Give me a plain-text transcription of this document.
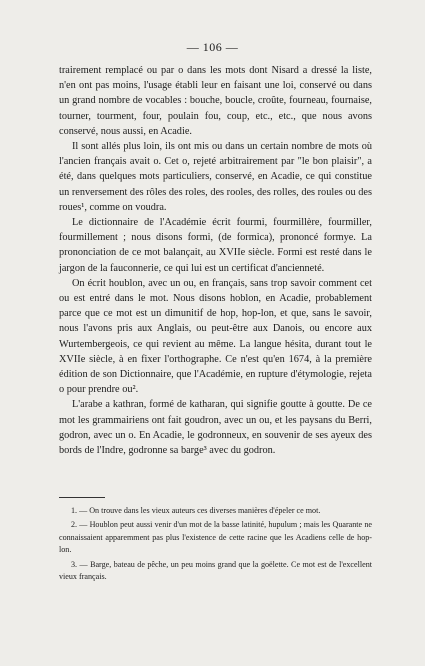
— 106 —

trairement remplacé ou par o dans les mots dont Nisard a dressé la liste, n'en ont pas moins, l'usage établi leur en faisant une loi, conservé ou dans un grand nombre de vocables : bouche, boucle, croûte, fourneau, fournaise, tourner, tourment, four, poulain fou, coup, etc., etc., que nous avons conservé, nous aussi, en Acadie.

Il sont allés plus loin, ils ont mis ou dans un certain nombre de mots où l'ancien français avait o. Cet o, rejeté arbitrairement par "le bon plaisir", a été, dans quelques mots particuliers, conservé, en Acadie, ce qui constitue un renversement des rôles des roles, des rooles, des rolles, des roules ou des roues¹, comme on voudra.

Le dictionnaire de l'Académie écrit fourmi, fourmillère, fourmiller, fourmillement ; nous disons formi, (de formica), prononcé formye. La prononciation de ce mot balançait, au XVIIe siècle. Formi est resté dans le jargon de la fauconnerie, ce qui lui est un certificat d'ancienneté.

On écrit houblon, avec un ou, en français, sans trop savoir comment cet ou est entré dans le mot. Nous disons hoblon, en Acadie, probablement parce que ce mot est un dimunitif de hop, hop-lon, et que, sans le savoir, nous l'avons pris aux Anglais, ou peut-être aux Danois, ou encore aux Wurtembergeois, ce qui revient au même. La langue hésita, durant tout le XVIIe siècle, à en fixer l'orthographe. Ce n'est qu'en 1674, à la première édition de son Dictionnaire, que l'Académie, en rupture d'étymologie, rejeta o pour prendre ou².

L'arabe a kathran, formé de katharan, qui signifie goutte à goutte. De ce mot les grammairiens ont fait goudron, avec un ou, et les paysans du Berri, godron, avec un o. En Acadie, le godronneux, en souvenir de ses ayeux des bords de l'Indre, godronne sa barge³ avec du godron.

1. — On trouve dans les vieux auteurs ces diverses manières d'épeler ce mot.

2. — Houblon peut aussi venir d'un mot de la basse latinité, hupulum ; mais les Quarante ne connaissaient apparemment pas plus l'existence de cette racine que les Acadiens celle de hop-lon.

3. — Barge, bateau de pêche, un peu moins grand que la goëlette. Ce mot est de l'excellent vieux français.
